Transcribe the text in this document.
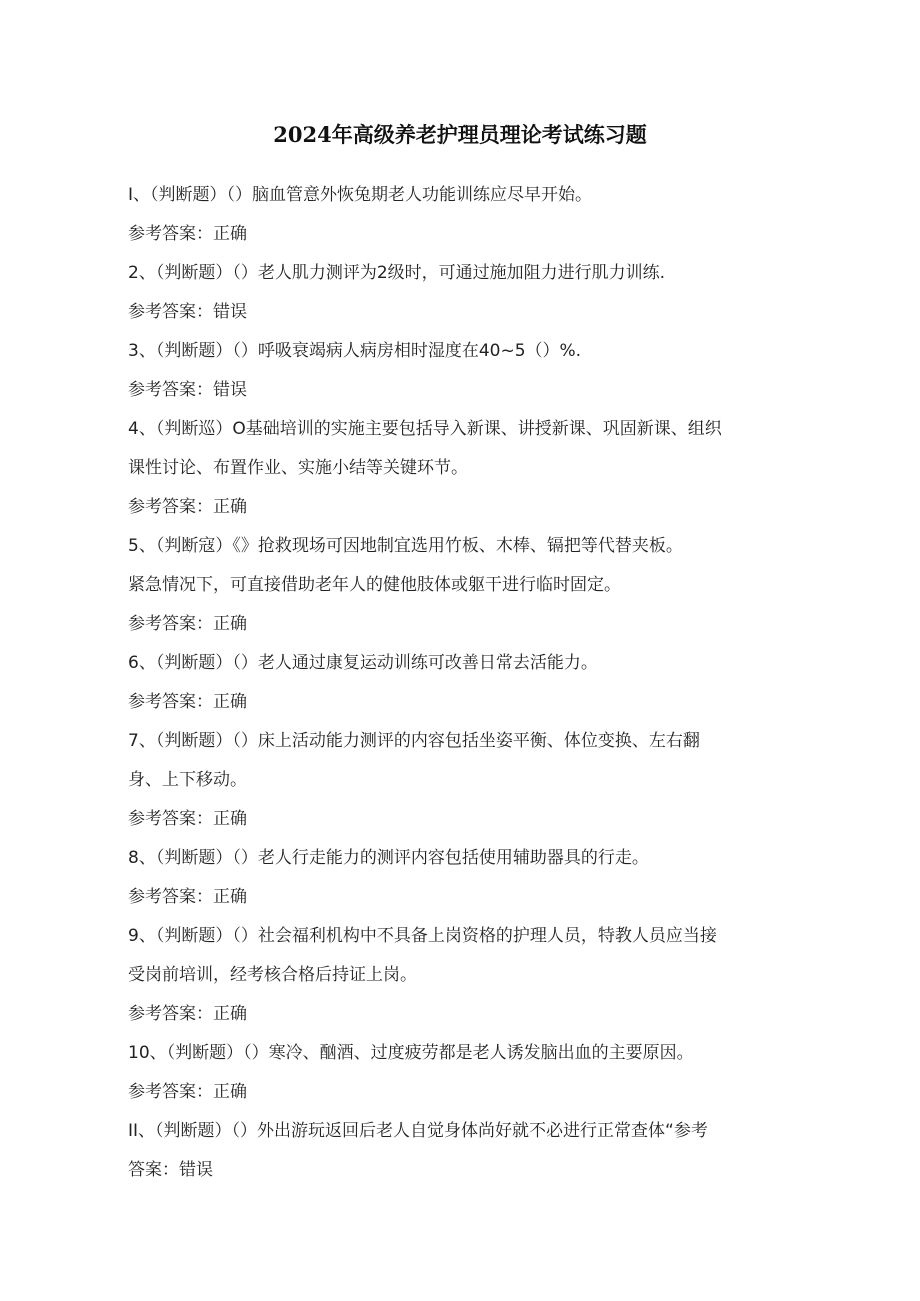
2024年高级养老护理员理论考试练习题
I、（判断题）（）脑血管意外恢兔期老人功能训练应尽早开始。
参考答案：正确
2、（判断题）（）老人肌力测评为2级时，可通过施加阻力进行肌力训练.
参考答案：错误
3、（判断题）（）呼吸衰竭病人病房相时湿度在40~5（）%.
参考答案：错误
4、（判断巡）O基础培训的实施主要包括导入新课、讲授新课、巩固新课、组织
课性讨论、布置作业、实施小结等关键环节。
参考答案：正确
5、（判断寇）《》抢救现场可因地制宜选用竹板、木棒、镉把等代替夹板。
紧急情况下，可直接借助老年人的健他肢体或躯干进行临时固定。
参考答案：正确
6、（判断题）（）老人通过康复运动训练可改善日常去活能力。
参考答案：正确
7、（判断题）（）床上活动能力测评的内容包括坐姿平衡、体位变换、左右翻
身、上下移动。
参考答案：正确
8、（判断题）（）老人行走能力的测评内容包括使用辅助器具的行走。
参考答案：正确
9、（判断题）（）社会福利机构中不具备上岗资格的护理人员，特教人员应当接
受岗前培训，经考核合格后持证上岗。
参考答案：正确
10、（判断题）（）寒冷、酗酒、过度疲劳都是老人诱发脑出血的主要原因。
参考答案：正确
II、（判断题）（）外出游玩返回后老人自觉身体尚好就不必进行正常查体“参考
答案：错误
